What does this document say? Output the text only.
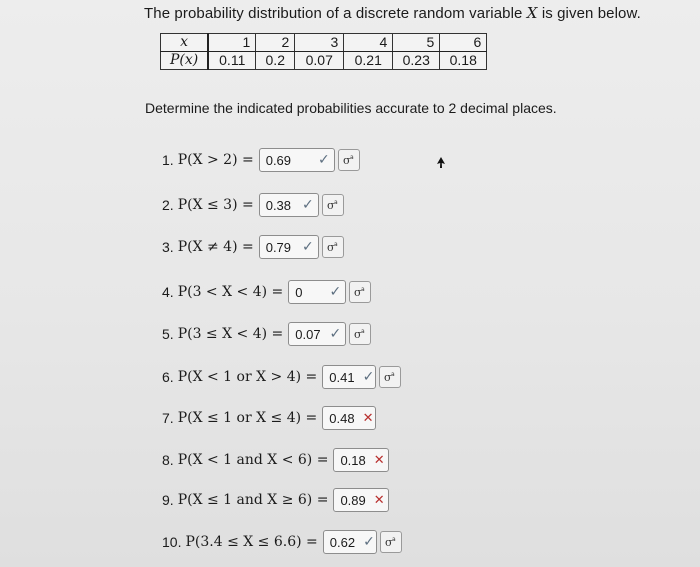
The probability distribution of a discrete random variable X is given below.
x	1	2	3	4	5	6
P(x)	0.11	0.2	0.07	0.21	0.23	0.18
Determine the indicated probabilities accurate to 2 decimal places.
1. P(X > 2) = 0.69 ✓ σ a
2. P(X ≤ 3) = 0.38 ✓ σ a
3. P(X ≠ 4) = 0.79 ✓ σ a
4. P(3 < X < 4) = 0 ✓ σ a
5. P(3 ≤ X < 4) = 0.07 ✓ σ a
6. P(X < 1 or X > 4) = 0.41 ✓ σ a
7. P(X ≤ 1 or X ≤ 4) = 0.48 ✕
8. P(X < 1 and X < 6) = 0.18 ✕
9. P(X ≤ 1 and X ≥ 6) = 0.89 ✕
10. P(3.4 ≤ X ≤ 6.6) = 0.62 ✓ σ a
